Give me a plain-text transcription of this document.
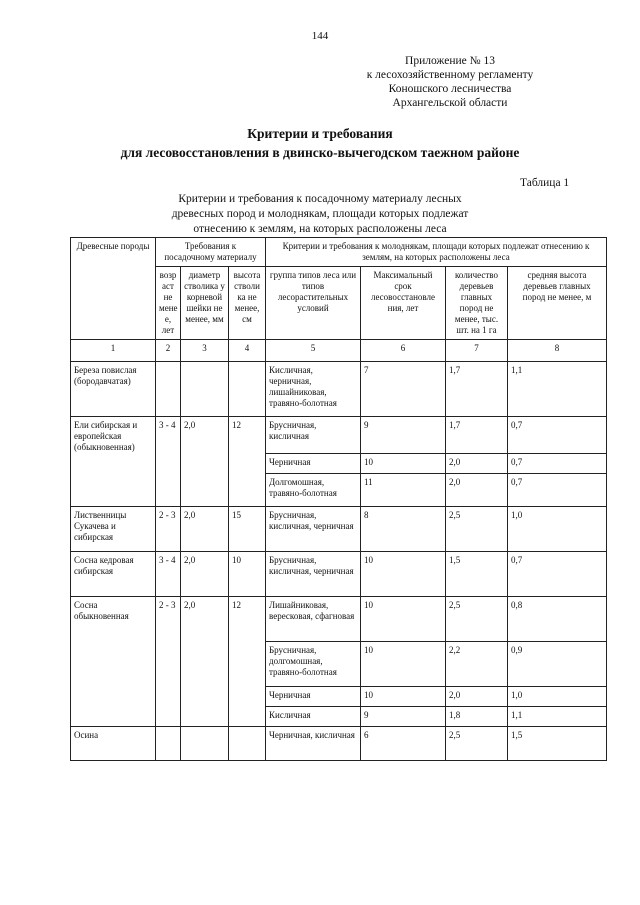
144
Приложение № 13
к лесохозяйственному регламенту
Коношского лесничества
Архангельской области
Критерии и требования
для лесовосстановления в двинско-вычегодском таежном районе
Таблица 1
Критерии и требования к посадочному материалу лесных
древесных пород и молоднякам, площади которых подлежат
отнесению к землям, на которых расположены леса
Древесные породы	Требования к посадочному материалу			Критерии и требования к молоднякам, площади которых подлежат отнесению к землям, на которых расположены леса			
	возр аст не мене е, лет	диаметр стволика у корневой шейки не менее, мм	высота стволи ка не менее, см	группа типов леса или типов лесорастительных условий	Максимальный срок лесовосстановле ния, лет	количество деревьев главных пород не менее, тыс. шт. на 1 га	средняя высота деревьев главных пород не менее, м
1	2	3	4	5	6	7	8
Береза повислая (бородавчатая)				Кисличная, черничная, лишайниковая, травяно-болотная	7	1,7	1,1
Ели сибирская и европейская (обыкновенная)	3 - 4	2,0	12	Брусничная, кисличная	9	1,7	0,7
				Черничная	10	2,0	0,7
				Долгомошная, травяно-болотная	11	2,0	0,7
Лиственницы Сукачева и сибирская	2 - 3	2,0	15	Брусничная, кисличная, черничная	8	2,5	1,0
Сосна кедровая сибирская	3 - 4	2,0	10	Брусничная, кисличная, черничная	10	1,5	0,7
Сосна обыкновенная	2 - 3	2,0	12	Лишайниковая, вересковая, сфагновая	10	2,5	0,8
				Брусничная, долгомошная, травяно-болотная	10	2,2	0,9
				Черничная	10	2,0	1,0
				Кисличная	9	1,8	1,1
Осина				Черничная, кисличная	6	2,5	1,5
